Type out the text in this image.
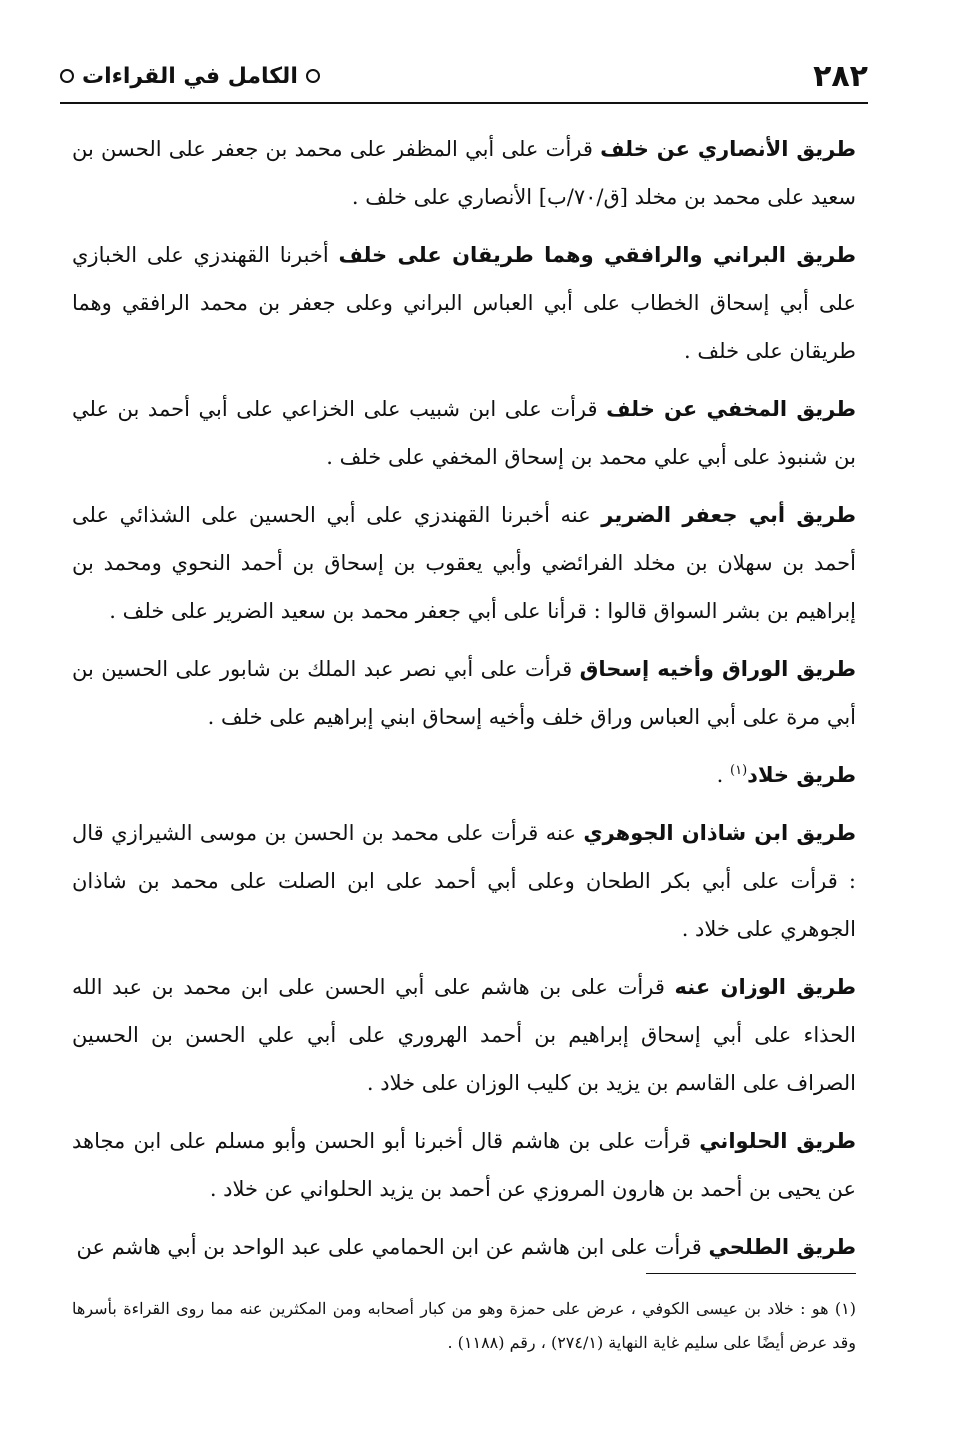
٢٨٢
الكامل في القراءات

طريق الأنصاري عن خلف قرأت على أبي المظفر على محمد بن جعفر على الحسن بن سعيد على محمد بن مخلد [ق/٧٠/ب] الأنصاري على خلف .

طريق البراني والرافقي وهما طريقان على خلف أخبرنا القهندزي على الخبازي على أبي إسحاق الخطاب على أبي العباس البراني وعلى جعفر بن محمد الرافقي وهما طريقان على خلف .

طريق المخفي عن خلف قرأت على ابن شبيب على الخزاعي على أبي أحمد بن علي بن شنبوذ على أبي علي محمد بن إسحاق المخفي على خلف .

طريق أبي جعفر الضرير عنه أخبرنا القهندزي على أبي الحسين على الشذائي على أحمد بن سهلان بن مخلد الفرائضي وأبي يعقوب بن إسحاق بن أحمد النحوي ومحمد بن إبراهيم بن بشر السواق قالوا : قرأنا على أبي جعفر محمد بن سعيد الضرير على خلف .

طريق الوراق وأخيه إسحاق قرأت على أبي نصر عبد الملك بن شابور على الحسين بن أبي مرة على أبي العباس وراق خلف وأخيه إسحاق ابني إبراهيم على خلف .

طريق خلاد$^{(١)}$ .

طريق ابن شاذان الجوهري عنه قرأت على محمد بن الحسن بن موسى الشيرازي قال : قرأت على أبي بكر الطحان وعلى أبي أحمد على ابن الصلت على محمد بن شاذان الجوهري على خلاد .

طريق الوزان عنه قرأت على بن هاشم على أبي الحسن على ابن محمد بن عبد الله الحذاء على أبي إسحاق إبراهيم بن أحمد الهروري على أبي علي الحسن بن الحسين الصراف على القاسم بن يزيد بن كليب الوزان على خلاد .

طريق الحلواني قرأت على بن هاشم قال أخبرنا أبو الحسن وأبو مسلم على ابن مجاهد عن يحيى بن أحمد بن هارون المروزي عن أحمد بن يزيد الحلواني عن خلاد .

طريق الطلحي قرأت على ابن هاشم عن ابن الحمامي على عبد الواحد بن أبي هاشم عن

(١) هو : خلاد بن عيسى الكوفي ، عرض على حمزة وهو من كبار أصحابه ومن المكثرين عنه مما روى القراءة بأسرها وقد عرض أيضًا على سليم غاية النهاية (٢٧٤/١) ، رقم (١١٨٨) .
